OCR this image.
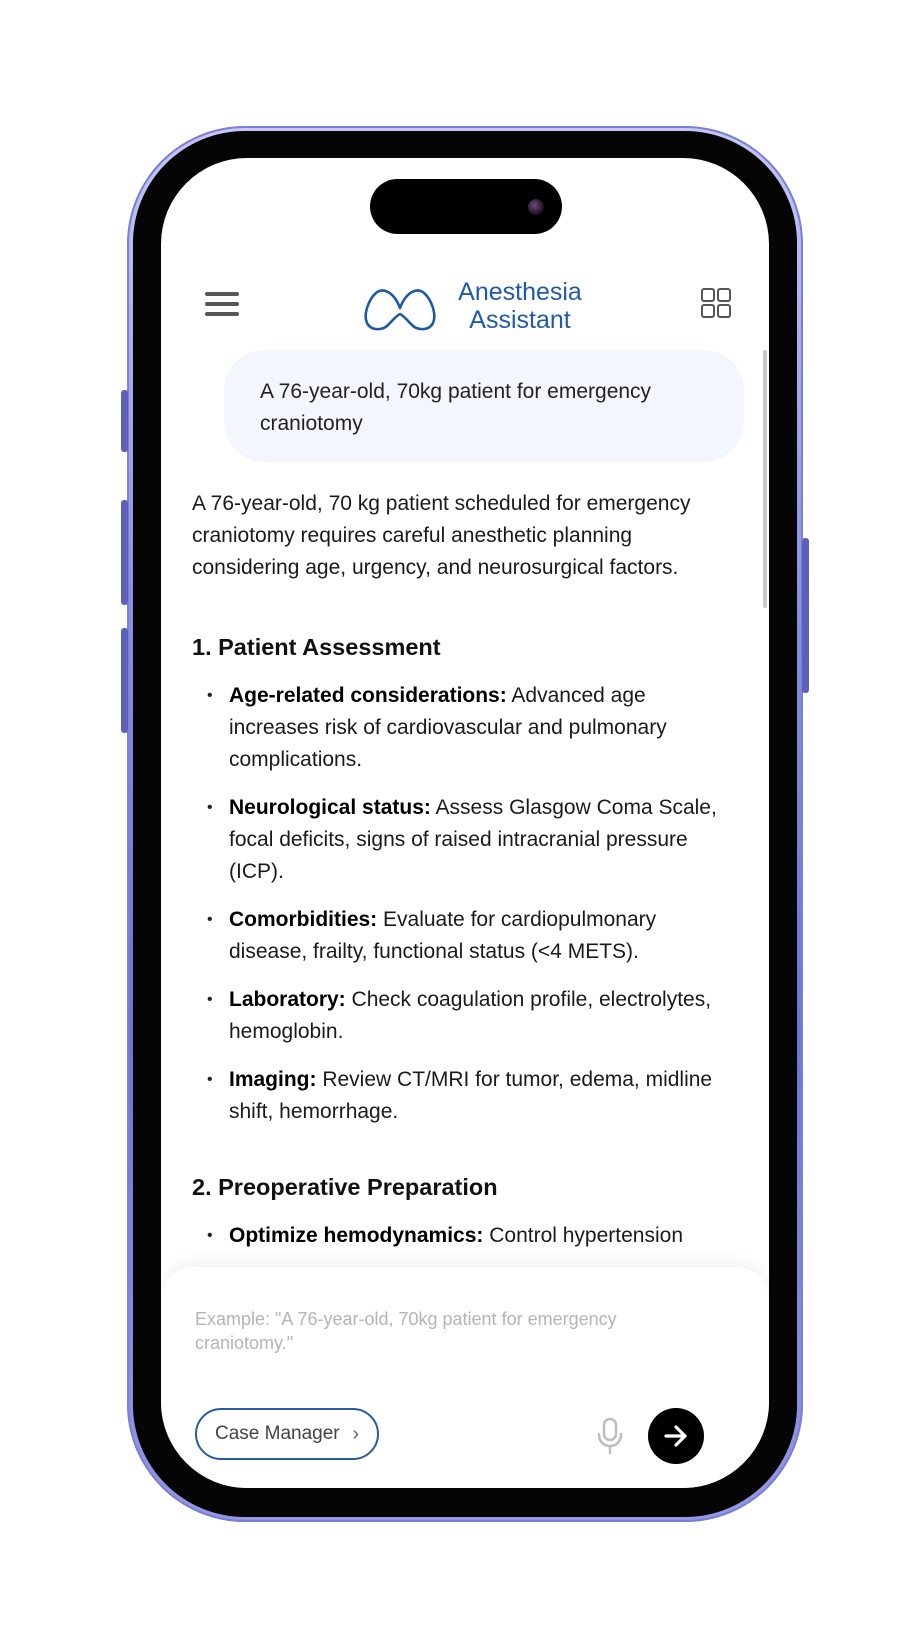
A 76-year-old, 70kg patient for emergency craniotomy

A 76-year-old, 70 kg patient scheduled for emergency craniotomy requires careful anesthetic planning considering age, urgency, and neurosurgical factors.

1. Patient Assessment
• Age-related considerations: Advanced age increases risk of cardiovascular and pulmonary complications.
• Neurological status: Assess Glasgow Coma Scale, focal deficits, signs of raised intracranial pressure (ICP).
• Comorbidities: Evaluate for cardiopulmonary disease, frailty, functional status (<4 METS).
• Laboratory: Check coagulation profile, electrolytes, hemoglobin.
• Imaging: Review CT/MRI for tumor, edema, midline shift, hemorrhage.
2. Preoperative Preparation
• Optimize hemodynamics: Control hypertension
Anesthesia
Assistant
Example: "A 76-year-old, 70kg patient for emergency craniotomy."
Case Manager ›
